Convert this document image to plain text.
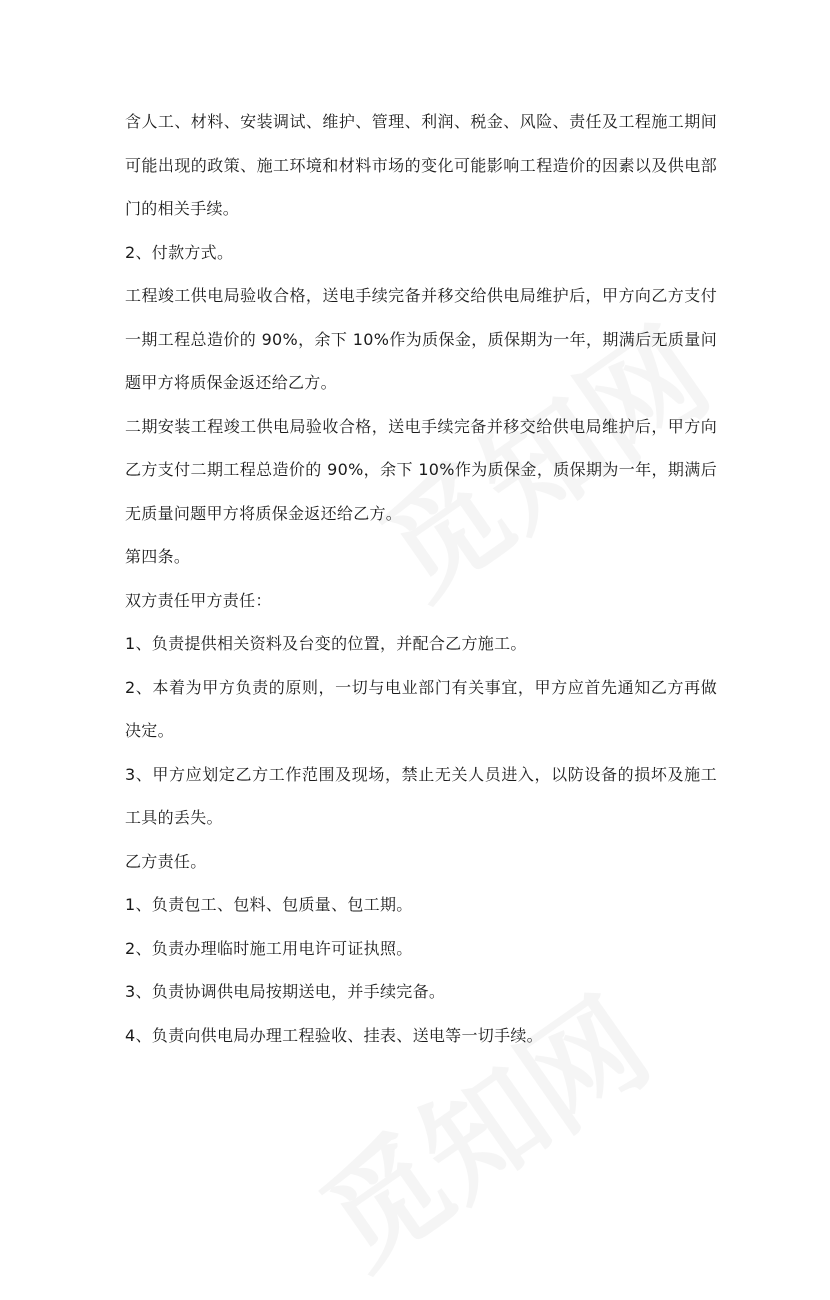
含人工、材料、安装调试、维护、管理、利润、税金、风险、责任及工程施工期间可能出现的政策、施工环境和材料市场的变化可能影响工程造价的因素以及供电部门的相关手续。

2、付款方式。

工程竣工供电局验收合格，送电手续完备并移交给供电局维护后，甲方向乙方支付一期工程总造价的 90%，余下 10%作为质保金，质保期为一年，期满后无质量问题甲方将质保金返还给乙方。

二期安装工程竣工供电局验收合格，送电手续完备并移交给供电局维护后，甲方向乙方支付二期工程总造价的 90%，余下 10%作为质保金，质保期为一年，期满后无质量问题甲方将质保金返还给乙方。

第四条。

双方责任甲方责任：

1、负责提供相关资料及台变的位置，并配合乙方施工。

2、本着为甲方负责的原则，一切与电业部门有关事宜，甲方应首先通知乙方再做决定。

3、甲方应划定乙方工作范围及现场，禁止无关人员进入，以防设备的损坏及施工工具的丢失。

乙方责任。

1、负责包工、包料、包质量、包工期。

2、负责办理临时施工用电许可证执照。

3、负责协调供电局按期送电，并手续完备。

4、负责向供电局办理工程验收、挂表、送电等一切手续。
